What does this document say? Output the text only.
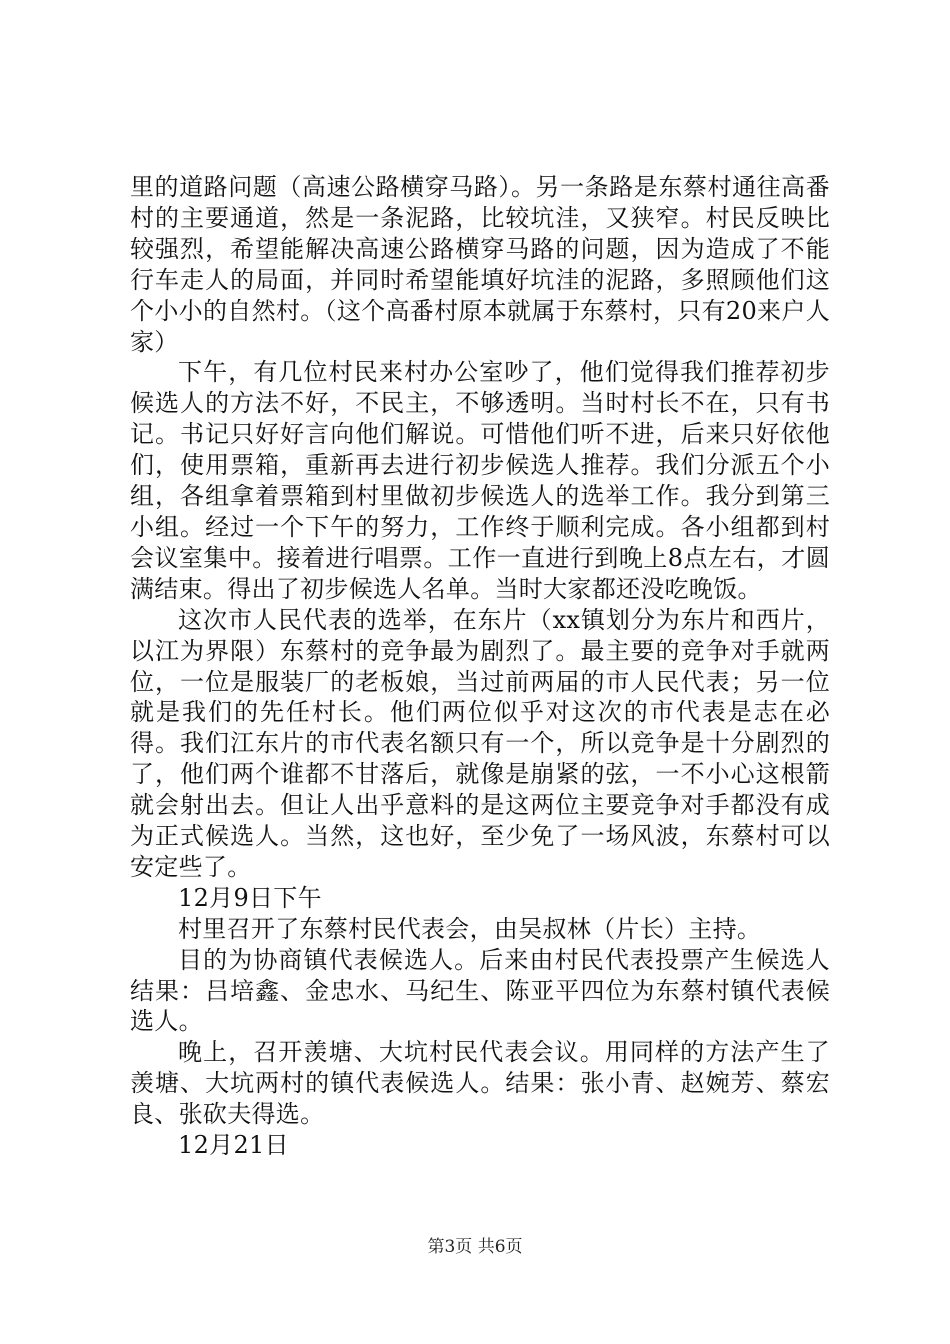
里的道路问题（高速公路横穿马路）。另一条路是东蔡村通往高番村的主要通道，然是一条泥路，比较坑洼，又狭窄。村民反映比较强烈，希望能解决高速公路横穿马路的问题，因为造成了不能行车走人的局面，并同时希望能填好坑洼的泥路，多照顾他们这个小小的自然村。（这个高番村原本就属于东蔡村，只有20来户人家）

下午，有几位村民来村办公室吵了，他们觉得我们推荐初步候选人的方法不好，不民主，不够透明。当时村长不在，只有书记。书记只好好言向他们解说。可惜他们听不进，后来只好依他们，使用票箱，重新再去进行初步候选人推荐。我们分派五个小组，各组拿着票箱到村里做初步候选人的选举工作。我分到第三小组。经过一个下午的努力，工作终于顺利完成。各小组都到村会议室集中。接着进行唱票。工作一直进行到晚上8点左右，才圆满结束。得出了初步候选人名单。当时大家都还没吃晚饭。

这次市人民代表的选举，在东片（xx镇划分为东片和西片，以江为界限）东蔡村的竞争最为剧烈了。最主要的竞争对手就两位，一位是服装厂的老板娘，当过前两届的市人民代表；另一位就是我们的先任村长。他们两位似乎对这次的市代表是志在必得。我们江东片的市代表名额只有一个，所以竞争是十分剧烈的了，他们两个谁都不甘落后，就像是崩紧的弦，一不小心这根箭就会射出去。但让人出乎意料的是这两位主要竞争对手都没有成为正式候选人。当然，这也好，至少免了一场风波，东蔡村可以安定些了。

12月9日下午

村里召开了东蔡村民代表会，由吴叔林（片长）主持。

目的为协商镇代表候选人。后来由村民代表投票产生候选人结果：吕培鑫、金忠水、马纪生、陈亚平四位为东蔡村镇代表候选人。

晚上，召开羡塘、大坑村民代表会议。用同样的方法产生了羡塘、大坑两村的镇代表候选人。结果：张小青、赵婉芳、蔡宏良、张砍夫得选。

12月21日

第3页 共6页
